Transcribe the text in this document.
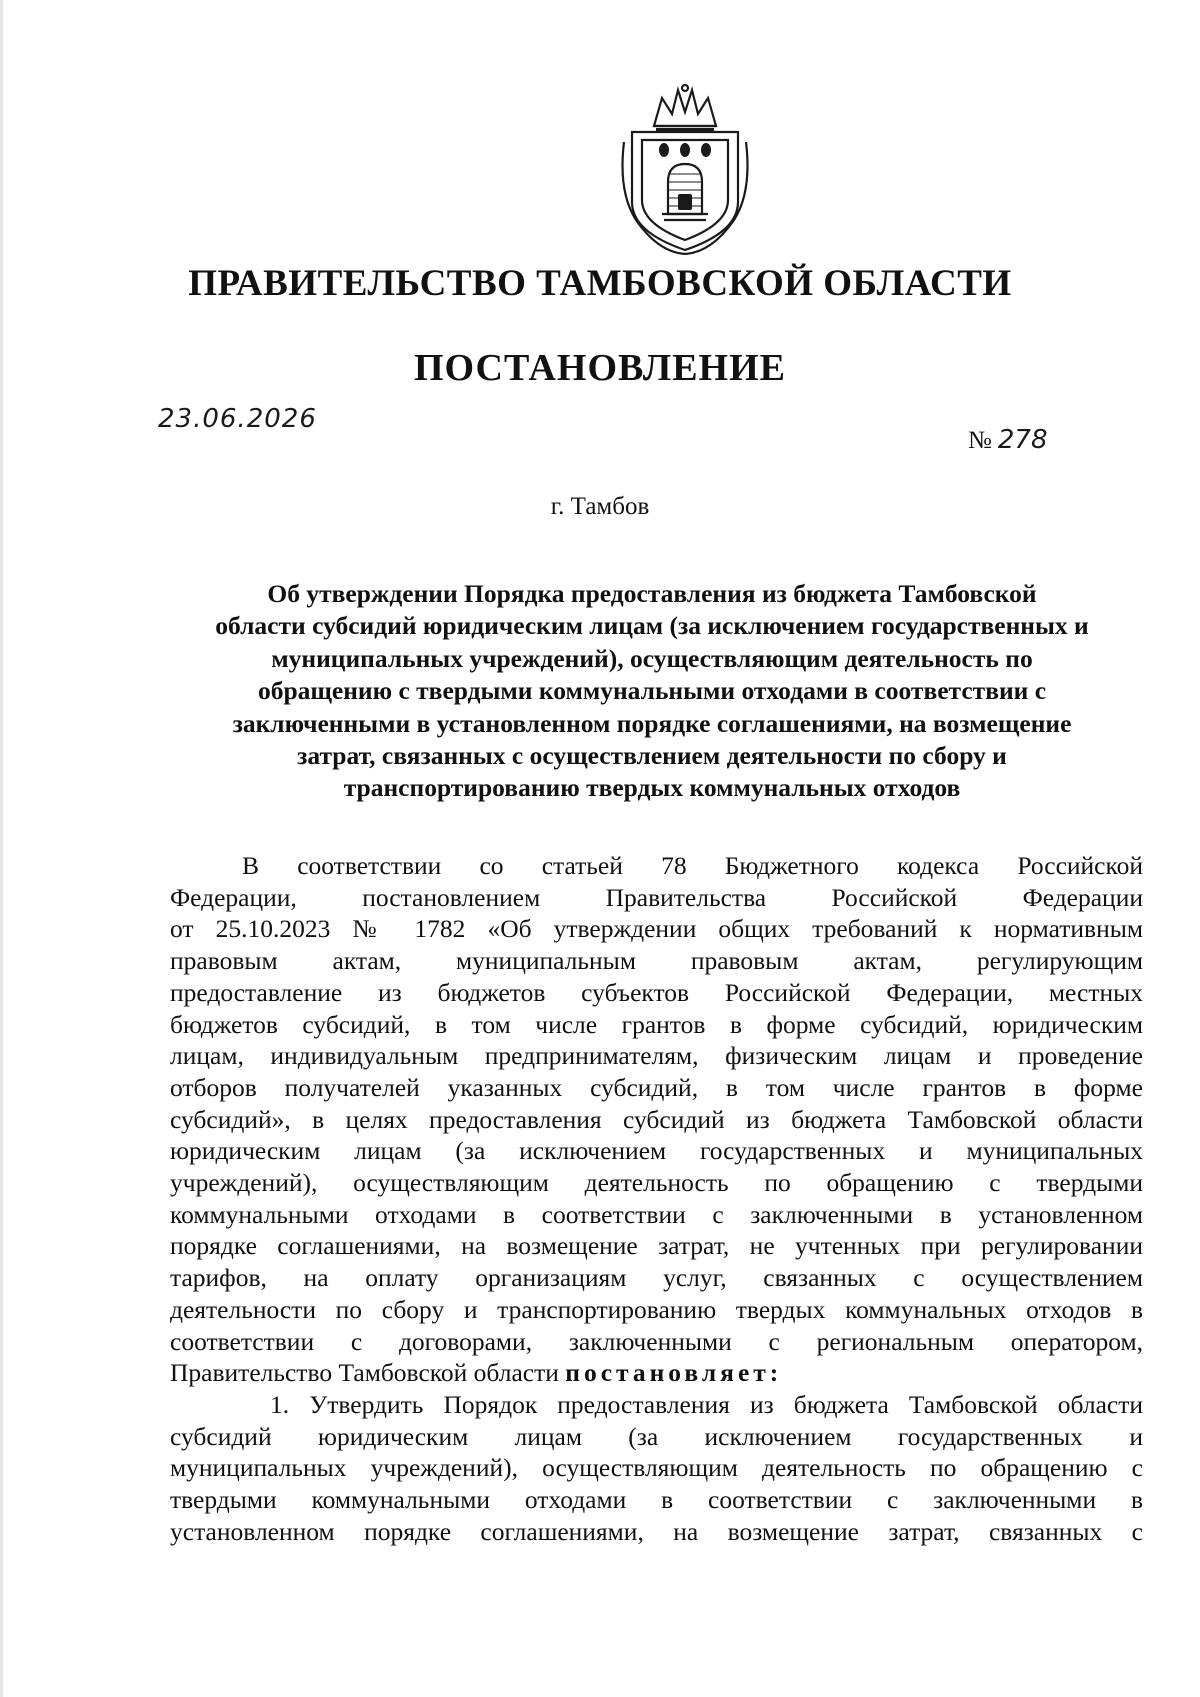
ПРАВИТЕЛЬСТВО ТАМБОВСКОЙ ОБЛАСТИ
ПОСТАНОВЛЕНИЕ
23.06.2026
№ 278
г. Тамбов
Об утверждении Порядка предоставления из бюджета Тамбовской
области субсидий юридическим лицам (за исключением государственных и
муниципальных учреждений), осуществляющим деятельность по
обращению с твердыми коммунальными отходами в соответствии с
заключенными в установленном порядке соглашениями, на возмещение
затрат, связанных с осуществлением деятельности по сбору и
транспортированию твердых коммунальных отходов
В соответствии со статьей 78 Бюджетного кодекса Российской
Федерации, постановлением Правительства Российской Федерации
от 25.10.2023 № 1782 «Об утверждении общих требований к нормативным
правовым актам, муниципальным правовым актам, регулирующим
предоставление из бюджетов субъектов Российской Федерации, местных
бюджетов субсидий, в том числе грантов в форме субсидий, юридическим
лицам, индивидуальным предпринимателям, физическим лицам и проведение
отборов получателей указанных субсидий, в том числе грантов в форме
субсидий», в целях предоставления субсидий из бюджета Тамбовской области
юридическим лицам (за исключением государственных и муниципальных
учреждений), осуществляющим деятельность по обращению с твердыми
коммунальными отходами в соответствии с заключенными в установленном
порядке соглашениями, на возмещение затрат, не учтенных при регулировании
тарифов, на оплату организациям услуг, связанных с осуществлением
деятельности по сбору и транспортированию твердых коммунальных отходов в
соответствии с договорами, заключенными с региональным оператором,
Правительство Тамбовской области постановляет:
1. Утвердить Порядок предоставления из бюджета Тамбовской области
субсидий юридическим лицам (за исключением государственных и
муниципальных учреждений), осуществляющим деятельность по обращению с
твердыми коммунальными отходами в соответствии с заключенными в
установленном порядке соглашениями, на возмещение затрат, связанных с
